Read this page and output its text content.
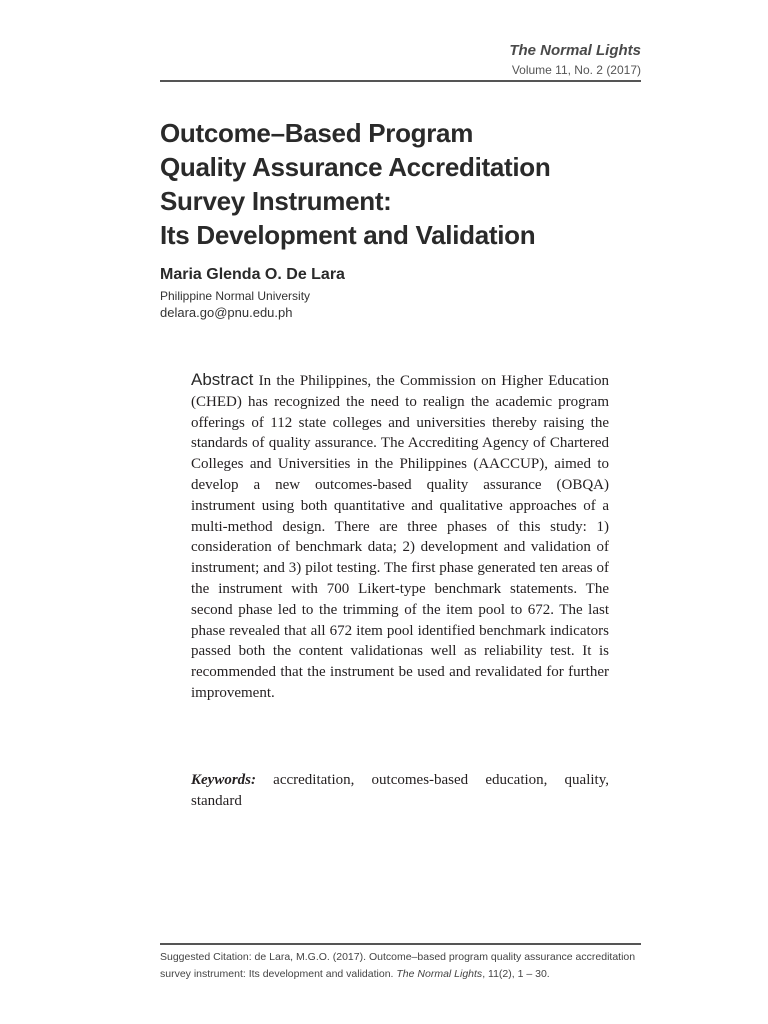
The Normal Lights
Volume 11, No. 2 (2017)
Outcome–Based Program
Quality Assurance Accreditation
Survey Instrument:
Its Development and Validation
Maria Glenda O. De Lara
Philippine Normal University
delara.go@pnu.edu.ph
Abstract In the Philippines, the Commission on Higher Education (CHED) has recognized the need to realign the academic program offerings of 112 state colleges and universities thereby raising the standards of quality assurance. The Accrediting Agency of Chartered Colleges and Universities in the Philippines (AACCUP), aimed to develop a new outcomes-based quality assurance (OBQA) instrument using both quantitative and qualitative approaches of a multi-method design. There are three phases of this study: 1) consideration of benchmark data; 2) development and validation of instrument; and 3) pilot testing. The first phase generated ten areas of the instrument with 700 Likert-type benchmark statements. The second phase led to the trimming of the item pool to 672. The last phase revealed that all 672 item pool identified benchmark indicators passed both the content validationas well as reliability test. It is recommended that the instrument be used and revalidated for further improvement.
Keywords: accreditation, outcomes-based education, quality, standard
Suggested Citation: de Lara, M.G.O. (2017). Outcome–based program quality assurance accreditation survey instrument: Its development and validation. The Normal Lights, 11(2), 1 – 30.
